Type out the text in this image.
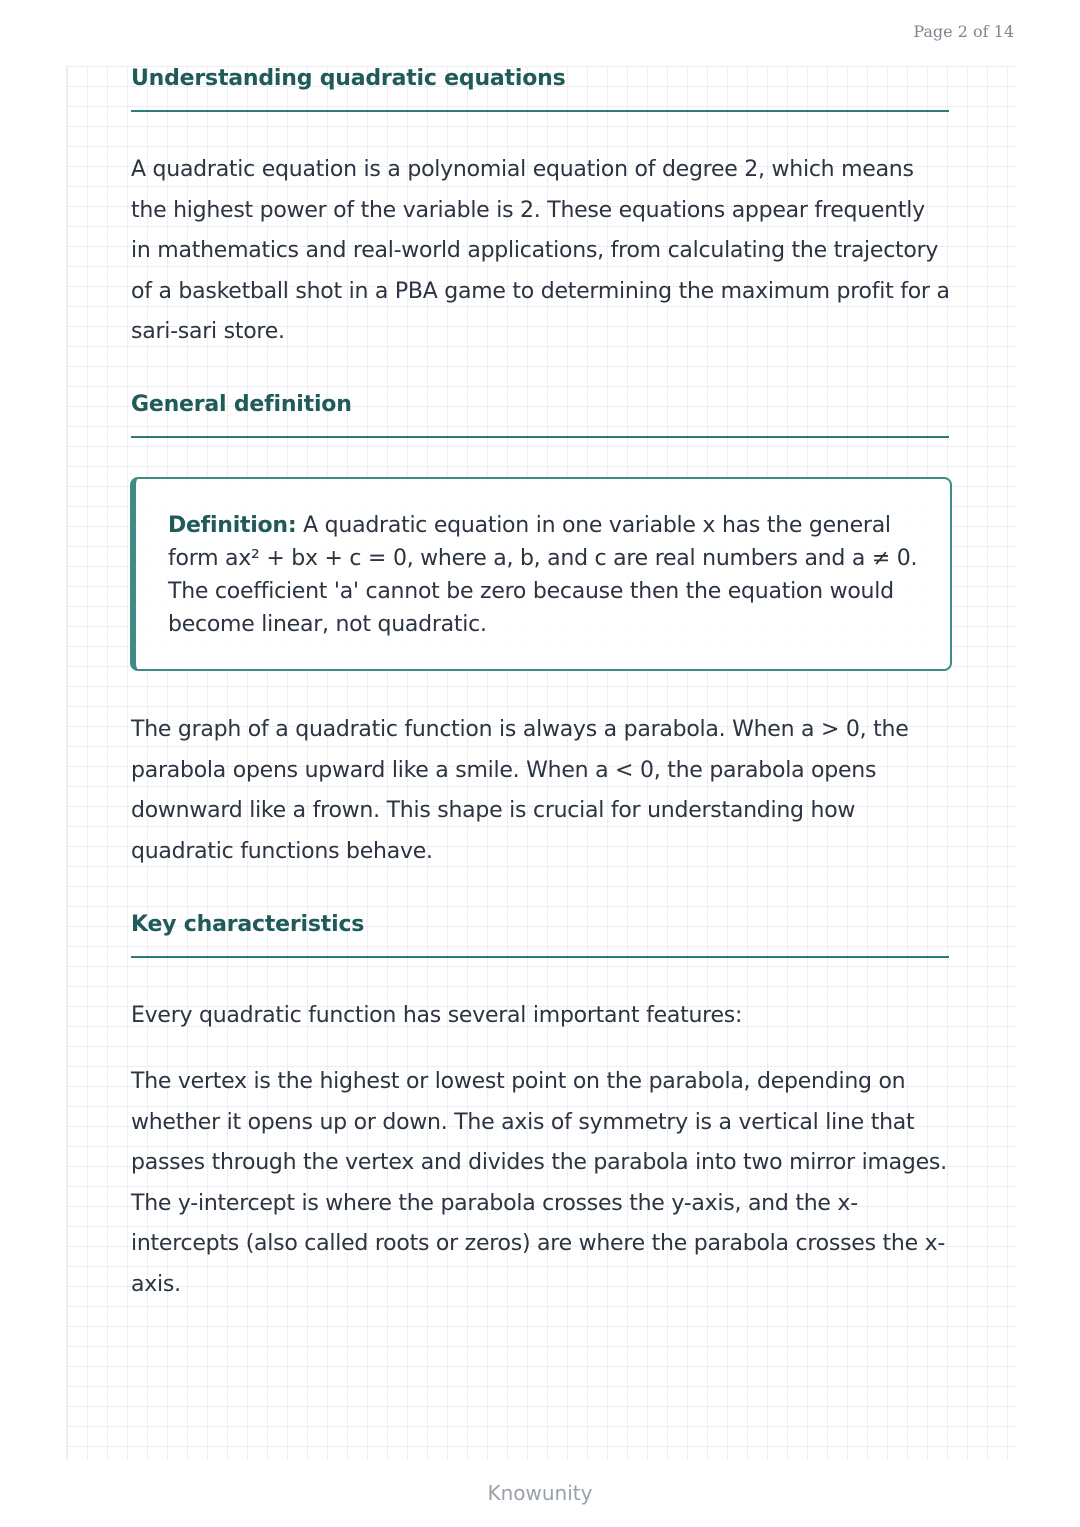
Page 2 of 14
Understanding quadratic equations

A quadratic equation is a polynomial equation of degree 2, which means the highest power of the variable is 2. These equations appear frequently in mathematics and real-world applications, from calculating the trajectory of a basketball shot in a PBA game to determining the maximum profit for a sari-sari store.

General definition
Definition: A quadratic equation in one variable x has the general form ax² + bx + c = 0, where a, b, and c are real numbers and a ≠ 0. The coefficient 'a' cannot be zero because then the equation would become linear, not quadratic.

The graph of a quadratic function is always a parabola. When a > 0, the parabola opens upward like a smile. When a < 0, the parabola opens downward like a frown. This shape is crucial for understanding how quadratic functions behave.

Key characteristics

Every quadratic function has several important features:

The vertex is the highest or lowest point on the parabola, depending on whether it opens up or down. The axis of symmetry is a vertical line that passes through the vertex and divides the parabola into two mirror images. The y-intercept is where the parabola crosses the y-axis, and the x-intercepts (also called roots or zeros) are where the parabola crosses the x-axis.

Knowunity
